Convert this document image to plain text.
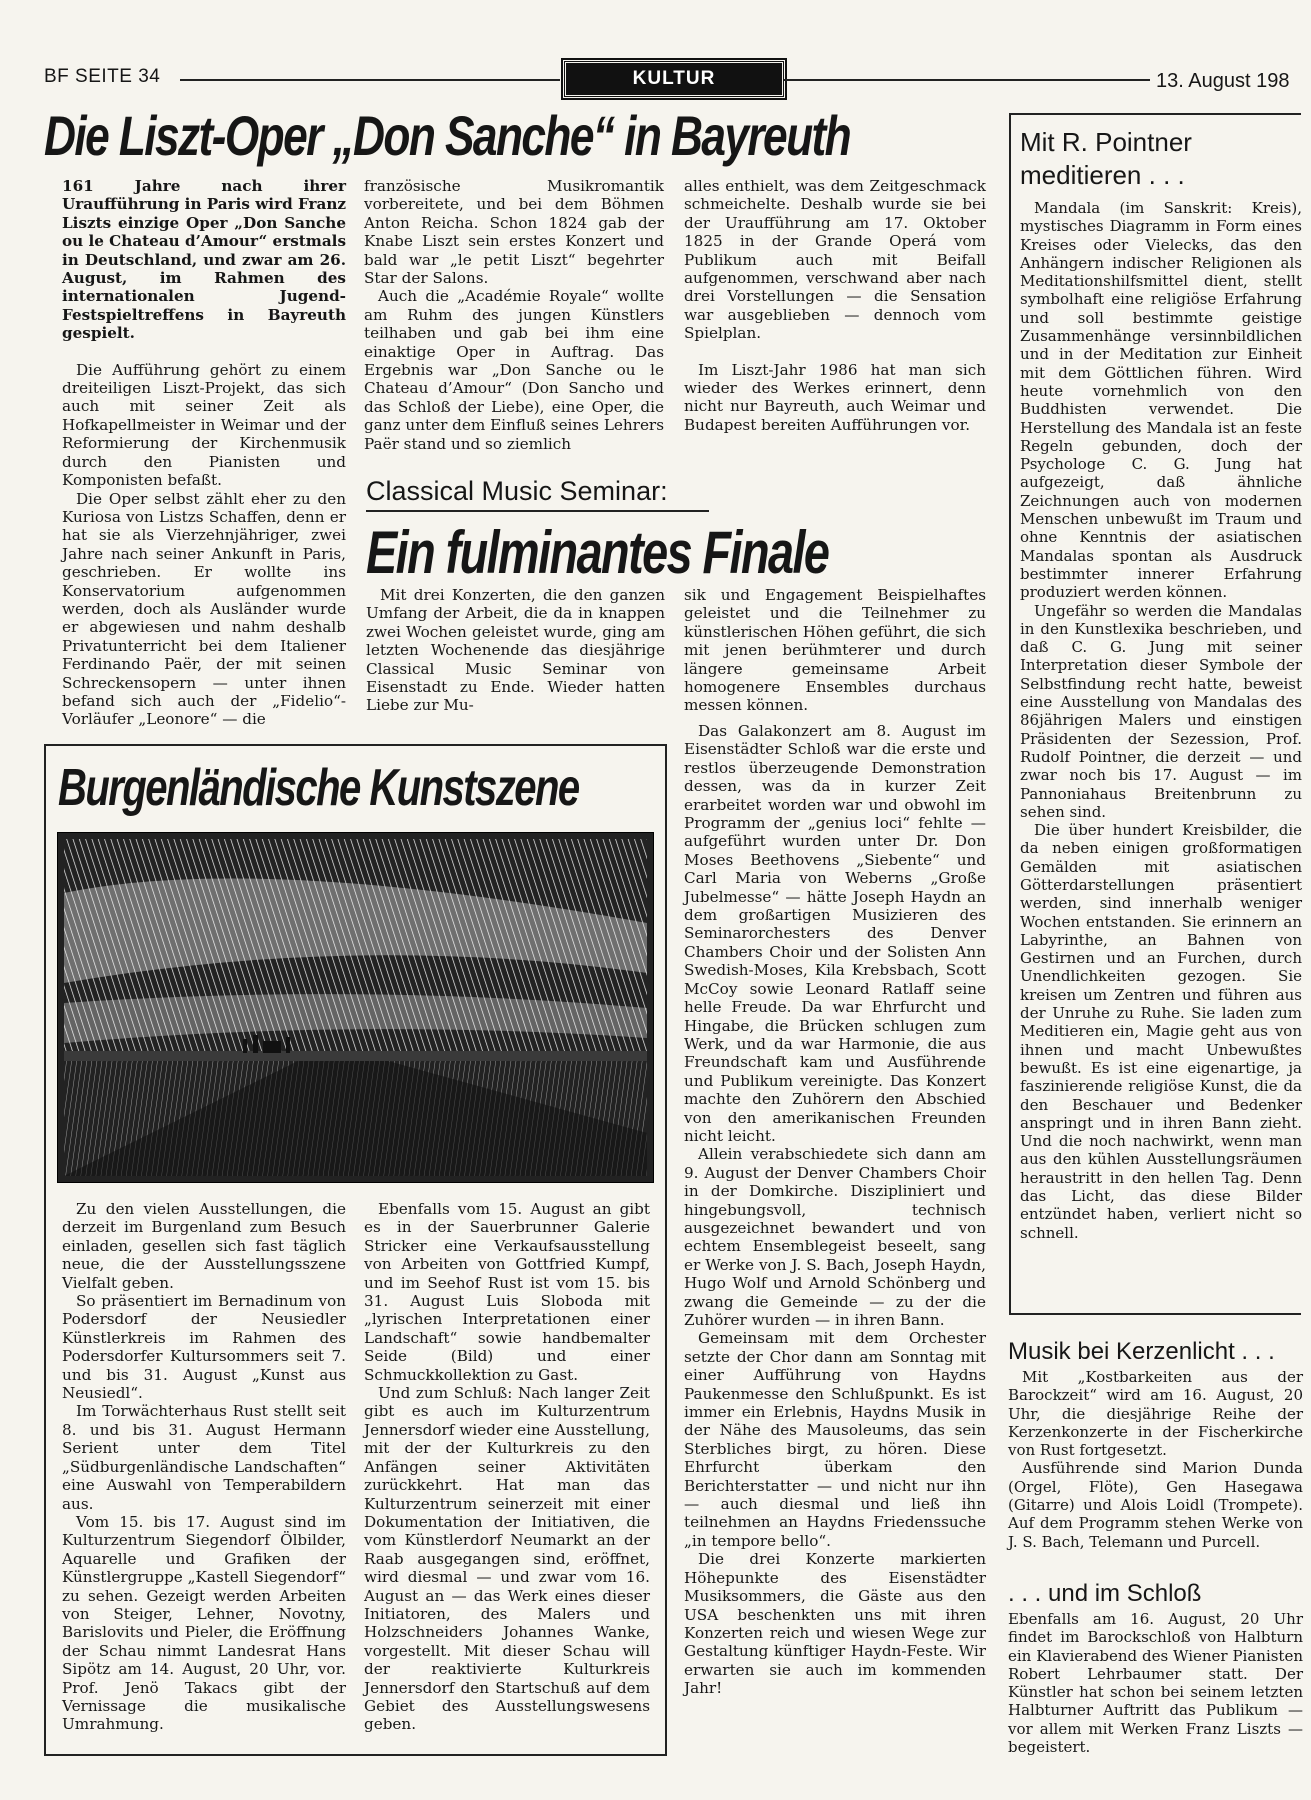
BF SEITE 34	KULTUR	13. August 198
Die Liszt-Oper „Don Sanche“ in Bayreuth

161 Jahre nach ihrer Uraufführung in Paris wird Franz Liszts einzige Oper „Don Sanche ou le Chateau d’Amour“ erstmals in Deutschland, und zwar am 26. August, im Rahmen des internationalen Jugend-Festspieltreffens in Bayreuth gespielt.

Die Aufführung gehört zu einem dreiteiligen Liszt-Projekt, das sich auch mit seiner Zeit als Hofkapellmeister in Weimar und der Reformierung der Kirchenmusik durch den Pianisten und Komponisten befaßt.

Die Oper selbst zählt eher zu den Kuriosa von Listzs Schaffen, denn er hat sie als Vierzehnjähriger, zwei Jahre nach seiner Ankunft in Paris, geschrieben. Er wollte ins Konservatorium aufgenommen werden, doch als Ausländer wurde er abgewiesen und nahm deshalb Privatunterricht bei dem Italiener Ferdinando Paër, der mit seinen Schreckensopern — unter ihnen befand sich auch der „Fidelio“-Vorläufer „Leonore“ — die

französische Musikromantik vorbereitete, und bei dem Böhmen Anton Reicha. Schon 1824 gab der Knabe Liszt sein erstes Konzert und bald war „le petit Liszt“ begehrter Star der Salons.

Auch die „Académie Royale“ wollte am Ruhm des jungen Künstlers teilhaben und gab bei ihm eine einaktige Oper in Auftrag. Das Ergebnis war „Don Sanche ou le Chateau d’Amour“ (Don Sancho und das Schloß der Liebe), eine Oper, die ganz unter dem Einfluß seines Lehrers Paër stand und so ziemlich

alles enthielt, was dem Zeitgeschmack schmeichelte. Deshalb wurde sie bei der Uraufführung am 17. Oktober 1825 in der Grande Operá vom Publikum auch mit Beifall aufgenommen, verschwand aber nach drei Vorstellungen — die Sensation war ausgeblieben — dennoch vom Spielplan.

Im Liszt-Jahr 1986 hat man sich wieder des Werkes erinnert, denn nicht nur Bayreuth, auch Weimar und Budapest bereiten Aufführungen vor.

Classical Music Seminar:
Ein fulminantes Finale

Mit drei Konzerten, die den ganzen Umfang der Arbeit, die da in knappen zwei Wochen geleistet wurde, ging am letzten Wochenende das diesjährige Classical Music Seminar von Eisenstadt zu Ende. Wieder hatten Liebe zur Mu-

sik und Engagement Beispielhaftes geleistet und die Teilnehmer zu künstlerischen Höhen geführt, die sich mit jenen berühmterer und durch längere gemeinsame Arbeit homogenere Ensembles durchaus messen können.

Das Galakonzert am 8. August im Eisenstädter Schloß war die erste und restlos überzeugende Demonstration dessen, was da in kurzer Zeit erarbeitet worden war und obwohl im Programm der „genius loci“ fehlte — aufgeführt wurden unter Dr. Don Moses Beethovens „Siebente“ und Carl Maria von Weberns „Große Jubelmesse“ — hätte Joseph Haydn an dem großartigen Musizieren des Seminarorchesters des Denver Chambers Choir und der Solisten Ann Swedish-Moses, Kila Krebsbach, Scott McCoy sowie Leonard Ratlaff seine helle Freude. Da war Ehrfurcht und Hingabe, die Brücken schlugen zum Werk, und da war Harmonie, die aus Freundschaft kam und Ausführende und Publikum vereinigte. Das Konzert machte den Zuhörern den Abschied von den amerikanischen Freunden nicht leicht.

Allein verabschiedete sich dann am 9. August der Denver Chambers Choir in der Domkirche. Diszipliniert und hingebungsvoll, technisch ausgezeichnet bewandert und von echtem Ensemblegeist beseelt, sang er Werke von J. S. Bach, Joseph Haydn, Hugo Wolf und Arnold Schönberg und zwang die Gemeinde — zu der die Zuhörer wurden — in ihren Bann.

Gemeinsam mit dem Orchester setzte der Chor dann am Sonntag mit einer Aufführung von Haydns Paukenmesse den Schlußpunkt. Es ist immer ein Erlebnis, Haydns Musik in der Nähe des Mausoleums, das sein Sterbliches birgt, zu hören. Diese Ehrfurcht überkam den Berichterstatter — und nicht nur ihn — auch diesmal und ließ ihn teilnehmen an Haydns Friedenssuche „in tempore bello“.

Die drei Konzerte markierten Höhepunkte des Eisenstädter Musiksommers, die Gäste aus den USA beschenkten uns mit ihren Konzerten reich und wiesen Wege zur Gestaltung künftiger Haydn-Feste. Wir erwarten sie auch im kommenden Jahr!

Burgenländische Kunstszene

Zu den vielen Ausstellungen, die derzeit im Burgenland zum Besuch einladen, gesellen sich fast täglich neue, die der Ausstellungsszene Vielfalt geben.

So präsentiert im Bernadinum von Podersdorf der Neusiedler Künstlerkreis im Rahmen des Podersdorfer Kultursommers seit 7. und bis 31. August „Kunst aus Neusiedl“.

Im Torwächterhaus Rust stellt seit 8. und bis 31. August Hermann Serient unter dem Titel „Südburgenländische Landschaften“ eine Auswahl von Temperabildern aus.

Vom 15. bis 17. August sind im Kulturzentrum Siegendorf Ölbilder, Aquarelle und Grafiken der Künstlergruppe „Kastell Siegendorf“ zu sehen. Gezeigt werden Arbeiten von Steiger, Lehner, Novotny, Barislovits und Pieler, die Eröffnung der Schau nimmt Landesrat Hans Sipötz am 14. August, 20 Uhr, vor. Prof. Jenö Takacs gibt der Vernissage die musikalische Umrahmung.

Ebenfalls vom 15. August an gibt es in der Sauerbrunner Galerie Stricker eine Verkaufsausstellung von Arbeiten von Gottfried Kumpf, und im Seehof Rust ist vom 15. bis 31. August Luis Sloboda mit „lyrischen Interpretationen einer Landschaft“ sowie handbemalter Seide (Bild) und einer Schmuckkollektion zu Gast.

Und zum Schluß: Nach langer Zeit gibt es auch im Kulturzentrum Jennersdorf wieder eine Ausstellung, mit der der Kulturkreis zu den Anfängen seiner Aktivitäten zurückkehrt. Hat man das Kulturzentrum seinerzeit mit einer Dokumentation der Initiativen, die vom Künstlerdorf Neumarkt an der Raab ausgegangen sind, eröffnet, wird diesmal — und zwar vom 16. August an — das Werk eines dieser Initiatoren, des Malers und Holzschneiders Johannes Wanke, vorgestellt. Mit dieser Schau will der reaktivierte Kulturkreis Jennersdorf den Startschuß auf dem Gebiet des Ausstellungswesens geben.

Mit R. Pointner
meditieren . . .

Mandala (im Sanskrit: Kreis), mystisches Diagramm in Form eines Kreises oder Vielecks, das den Anhängern indischer Religionen als Meditationshilfsmittel dient, stellt symbolhaft eine religiöse Erfahrung und soll bestimmte geistige Zusammenhänge versinnbildlichen und in der Meditation zur Einheit mit dem Göttlichen führen. Wird heute vornehmlich von den Buddhisten verwendet. Die Herstellung des Mandala ist an feste Regeln gebunden, doch der Psychologe C. G. Jung hat aufgezeigt, daß ähnliche Zeichnungen auch von modernen Menschen unbewußt im Traum und ohne Kenntnis der asiatischen Mandalas spontan als Ausdruck bestimmter innerer Erfahrung produziert werden können.

Ungefähr so werden die Mandalas in den Kunstlexika beschrieben, und daß C. G. Jung mit seiner Interpretation dieser Symbole der Selbstfindung recht hatte, beweist eine Ausstellung von Mandalas des 86jährigen Malers und einstigen Präsidenten der Sezession, Prof. Rudolf Pointner, die derzeit — und zwar noch bis 17. August — im Pannoniahaus Breitenbrunn zu sehen sind.

Die über hundert Kreisbilder, die da neben einigen großformatigen Gemälden mit asiatischen Götterdarstellungen präsentiert werden, sind innerhalb weniger Wochen entstanden. Sie erinnern an Labyrinthe, an Bahnen von Gestirnen und an Furchen, durch Unendlichkeiten gezogen. Sie kreisen um Zentren und führen aus der Unruhe zu Ruhe. Sie laden zum Meditieren ein, Magie geht aus von ihnen und macht Unbewußtes bewußt. Es ist eine eigenartige, ja faszinierende religiöse Kunst, die da den Beschauer und Bedenker anspringt und in ihren Bann zieht. Und die noch nachwirkt, wenn man aus den kühlen Ausstellungsräumen heraustritt in den hellen Tag. Denn das Licht, das diese Bilder entzündet haben, verliert nicht so schnell.

Musik bei Kerzenlicht . . .

Mit „Kostbarkeiten aus der Barockzeit“ wird am 16. August, 20 Uhr, die diesjährige Reihe der Kerzenkonzerte in der Fischerkirche von Rust fortgesetzt.

Ausführende sind Marion Dunda (Orgel, Flöte), Gen Hasegawa (Gitarre) und Alois Loidl (Trompete). Auf dem Programm stehen Werke von J. S. Bach, Telemann und Purcell.

. . . und im Schloß

Ebenfalls am 16. August, 20 Uhr findet im Barockschloß von Halbturn ein Klavierabend des Wiener Pianisten Robert Lehrbaumer statt. Der Künstler hat schon bei seinem letzten Halbturner Auftritt das Publikum — vor allem mit Werken Franz Liszts — begeistert.
